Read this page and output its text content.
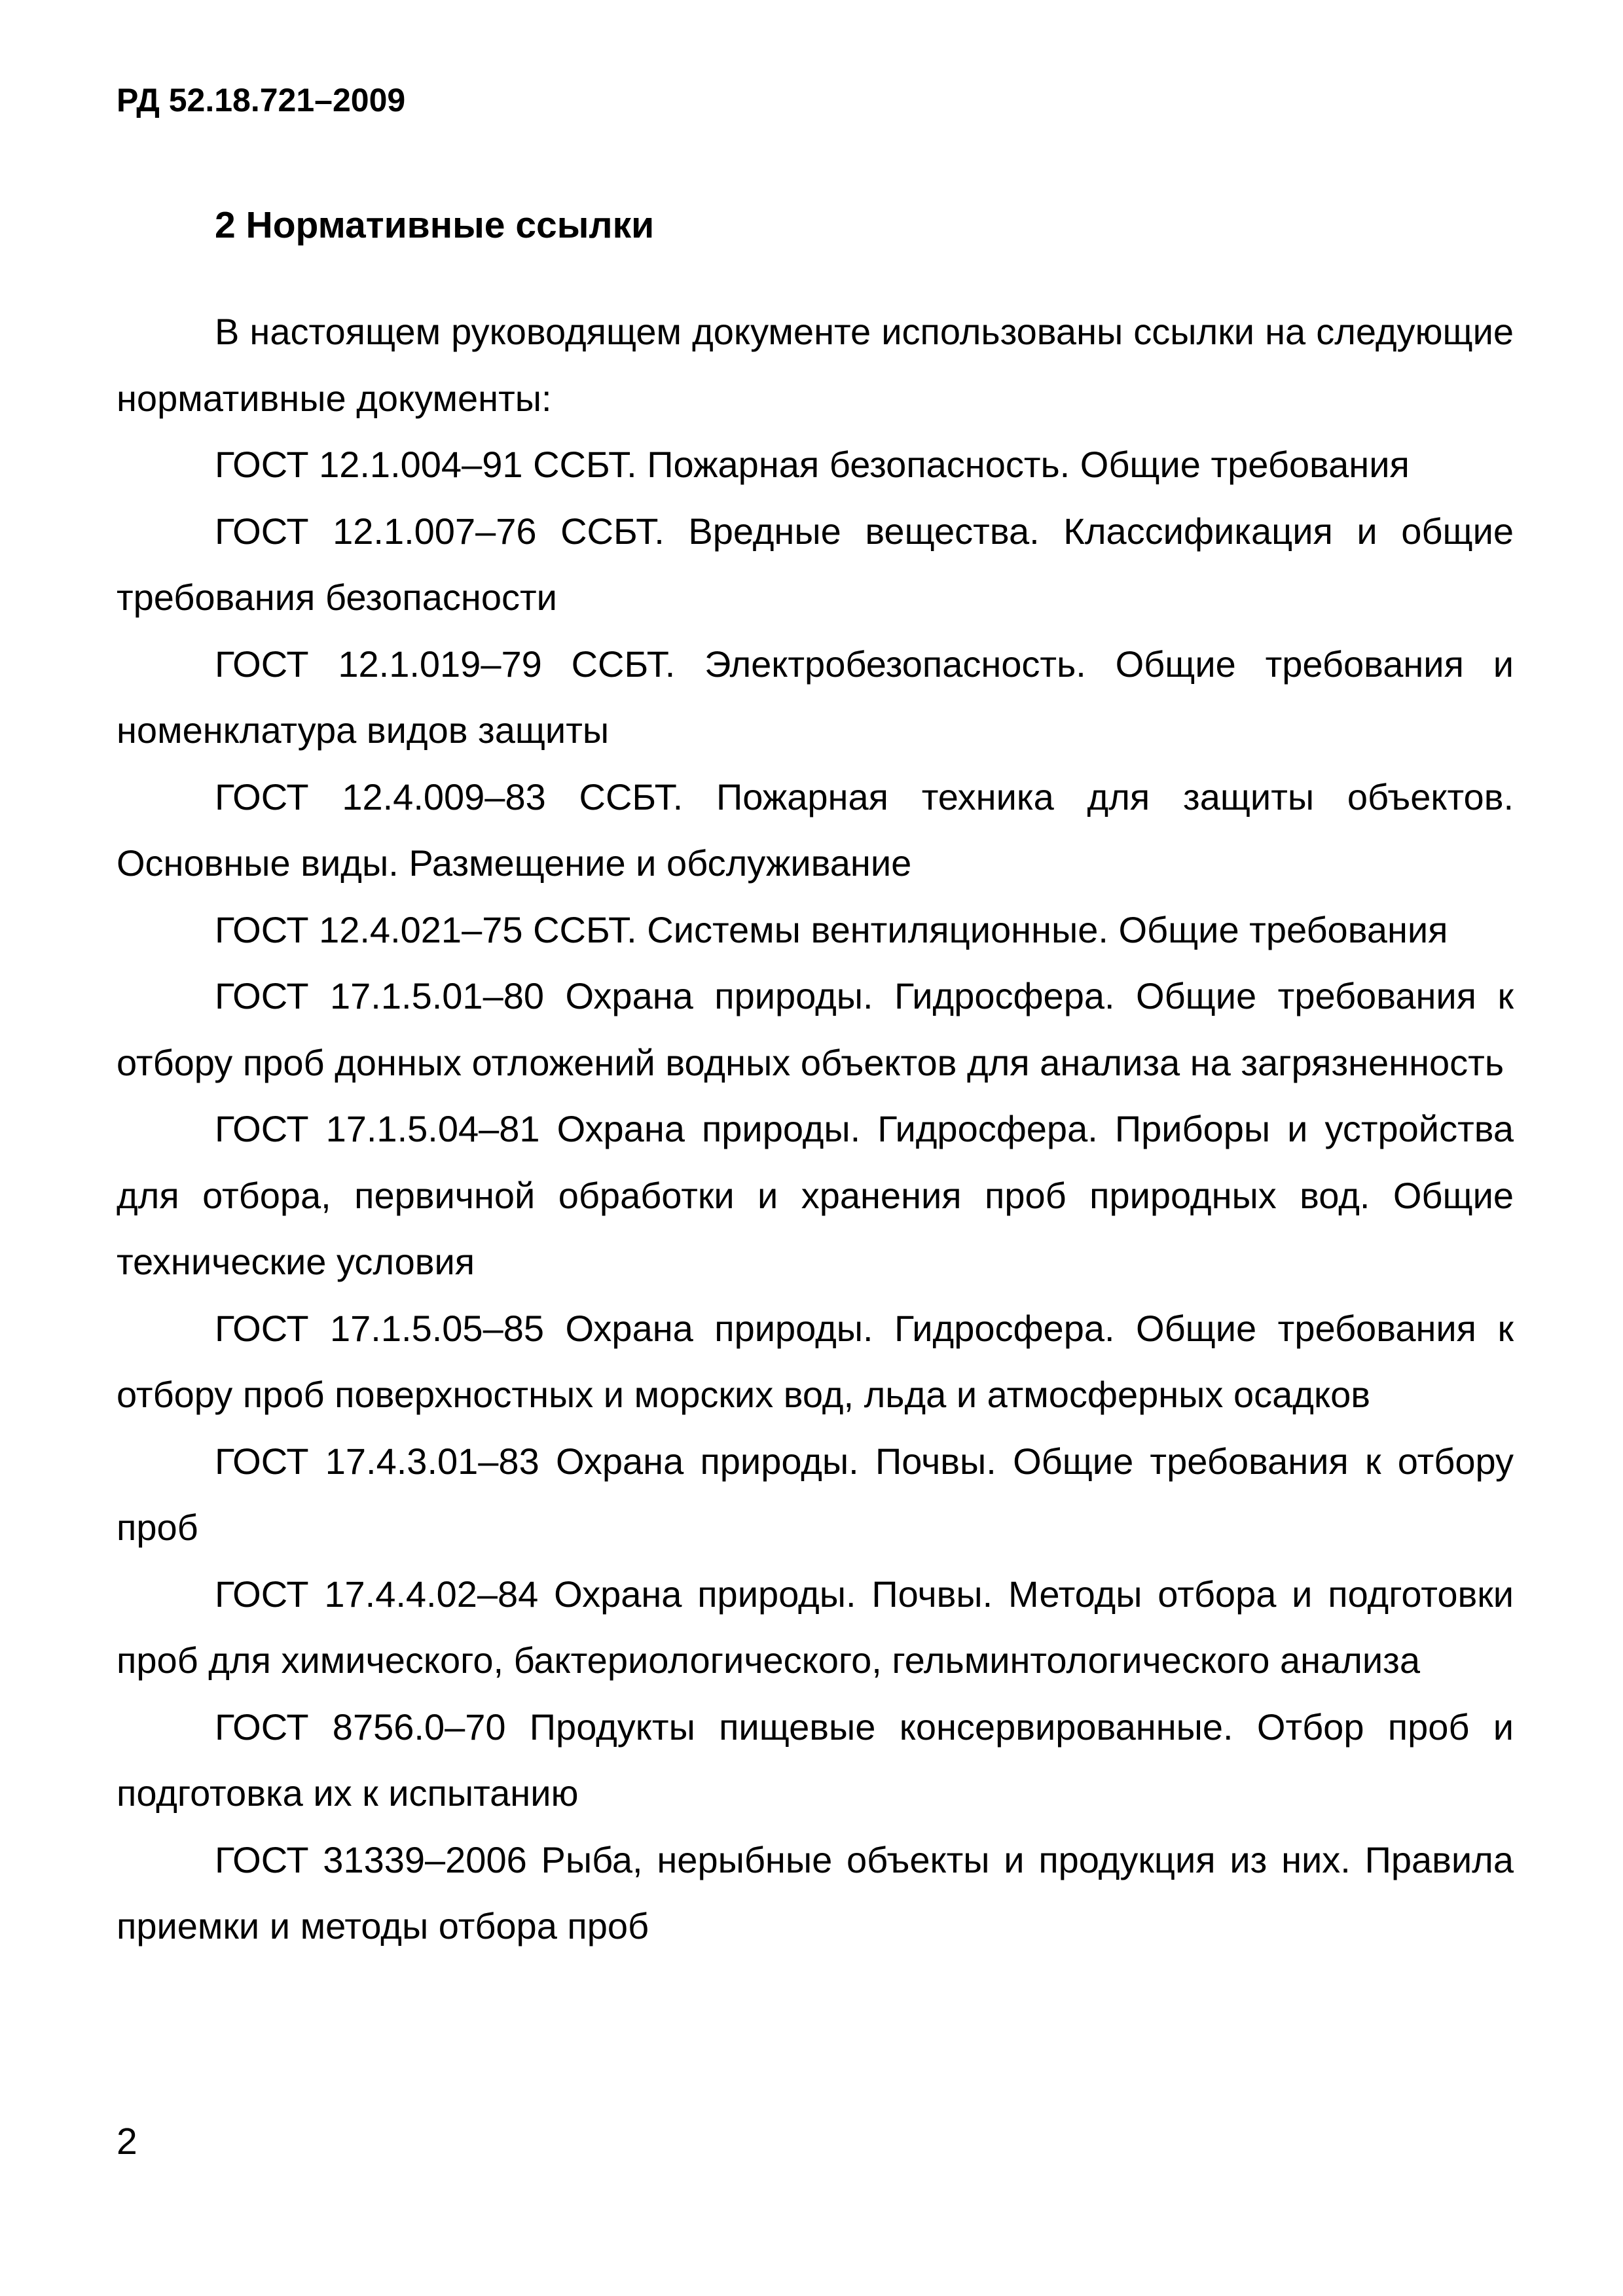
РД 52.18.721–2009
2 Нормативные ссылки

В настоящем руководящем документе использованы ссылки на следующие нормативные документы:

ГОСТ 12.1.004–91 ССБТ. Пожарная безопасность. Общие требования

ГОСТ 12.1.007–76 ССБТ. Вредные вещества. Классификация и общие требования безопасности

ГОСТ 12.1.019–79 ССБТ. Электробезопасность. Общие требования и номенклатура видов защиты

ГОСТ 12.4.009–83 ССБТ. Пожарная техника для защиты объектов. Основные виды. Размещение и обслуживание

ГОСТ 12.4.021–75 ССБТ. Системы вентиляционные. Общие требования

ГОСТ 17.1.5.01–80 Охрана природы. Гидросфера. Общие требования к отбору проб донных отложений водных объектов для анализа на загрязненность

ГОСТ 17.1.5.04–81 Охрана природы. Гидросфера. Приборы и устройства для отбора, первичной обработки и хранения проб природных вод. Общие технические условия

ГОСТ 17.1.5.05–85 Охрана природы. Гидросфера. Общие требования к отбору проб поверхностных и морских вод, льда и атмосферных осадков

ГОСТ 17.4.3.01–83 Охрана природы. Почвы. Общие требования к отбору проб

ГОСТ 17.4.4.02–84 Охрана природы. Почвы. Методы отбора и подготовки проб для химического, бактериологического, гельминтологического анализа

ГОСТ 8756.0–70 Продукты пищевые консервированные. Отбор проб и подготовка их к испытанию

ГОСТ 31339–2006 Рыба, нерыбные объекты и продукция из них. Правила приемки и методы отбора проб

2
